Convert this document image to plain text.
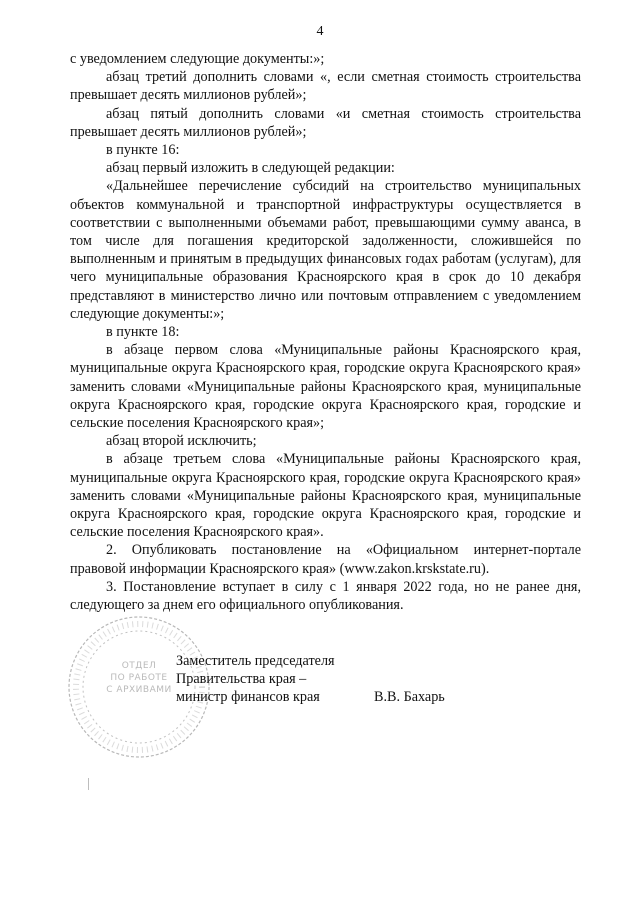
4

с уведомлением следующие документы:»;

абзац третий дополнить словами «, если сметная стоимость строительства превышает десять миллионов рублей»;

абзац пятый дополнить словами «и сметная стоимость строительства превышает десять миллионов рублей»;

в пункте 16:

абзац первый изложить в следующей редакции:

«Дальнейшее перечисление субсидий на строительство муниципальных объектов коммунальной и транспортной инфраструктуры осуществляется в соответствии с выполненными объемами работ, превышающими сумму аванса, в том числе для погашения кредиторской задолженности, сложившейся по выполненным и принятым в предыдущих финансовых годах работам (услугам), для чего муниципальные образования Красноярского края в срок до 10 декабря представляют в министерство лично или почтовым отправлением с уведомлением следующие документы:»;

в пункте 18:

в абзаце первом слова «Муниципальные районы Красноярского края, муниципальные округа Красноярского края, городские округа Красноярского края» заменить словами «Муниципальные районы Красноярского края, муниципальные округа Красноярского края, городские округа Красноярского края, городские и сельские поселения Красноярского края»;

абзац второй исключить;

в абзаце третьем слова «Муниципальные районы Красноярского края, муниципальные округа Красноярского края, городские округа Красноярского края» заменить словами «Муниципальные районы Красноярского края, муниципальные округа Красноярского края, городские округа Красноярского края, городские и сельские поселения Красноярского края».

2. Опубликовать постановление на «Официальном интернет-портале правовой информации Красноярского края» (www.zakon.krskstate.ru).

3. Постановление вступает в силу с 1 января 2022 года, но не ранее дня, следующего за днем его официального опубликования.

ОТДЕЛ
ПО РАБОТЕ
С АРХИВАМИ
Заместитель председателя
Правительства края –
министр финансов края	В.В. Бахарь
